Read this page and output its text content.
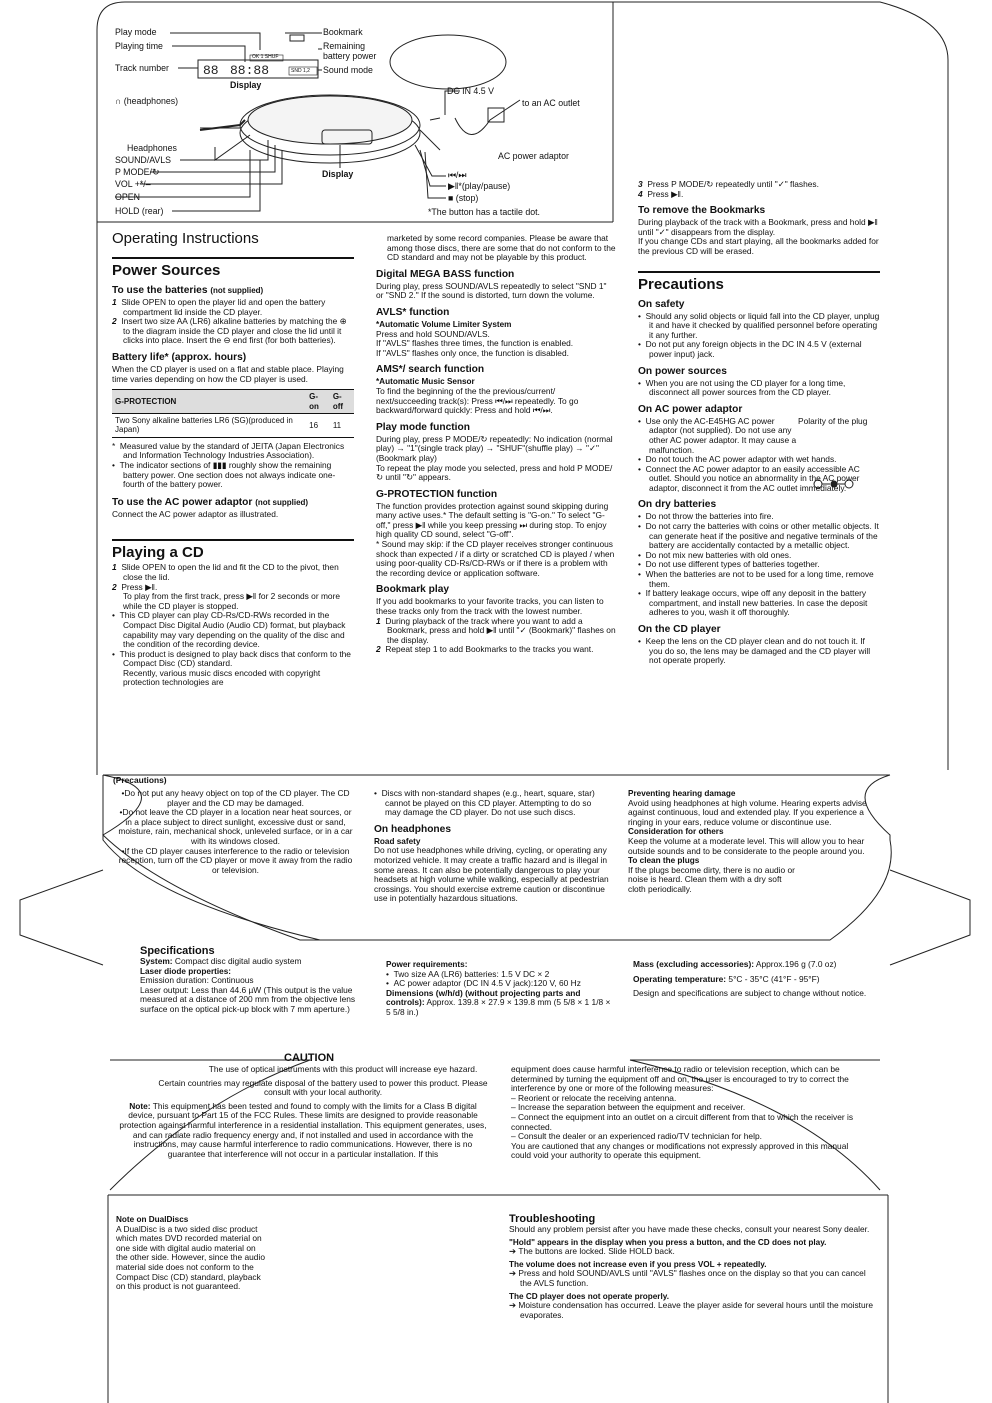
88 88:88
Play mode
Playing time
Track number
Display
OK 1 SHUF
SND 1,2
Bookmark
Remaining
battery power
Sound mode
∩ (headphones)
DC IN 4.5 V
to an AC outlet
AC power adaptor
Headphones
SOUND/AVLS
P MODE/↻
VOL +*/–
OPEN
HOLD (rear)
Display	⏮/⏭
▶‖*(play/pause)
■ (stop)
*The button has a tactile dot.
Operating Instructions
Power Sources
To use the batteries (not supplied)

1 Slide OPEN to open the player lid and open the battery compartment lid inside the CD player.

2 Insert two size AA (LR6) alkaline batteries by matching the ⊕ to the diagram inside the CD player and close the lid until it clicks into place. Insert the ⊖ end first (for both batteries).

Battery life* (approx. hours)

When the CD player is used on a flat and stable place. Playing time varies depending on how the CD player is used.

G-PROTECTION	G-on	G-off
Two Sony alkaline batteries LR6 (SG)(produced in Japan)	16	11

*  Measured value by the standard of JEITA (Japan Electronics and Information Technology Industries Association).

•  The indicator sections of ▮▮▮ roughly show the remaining battery power. One section does not always indicate one-fourth of the battery power.

To use the AC power adaptor (not supplied)

Connect the AC power adaptor as illustrated.

Playing a CD

1 Slide OPEN to open the lid and fit the CD to the pivot, then close the lid.

2 Press ▶‖.
To play from the first track, press ▶‖ for 2 seconds or more while the CD player is stopped.

•  This CD player can play CD-Rs/CD-RWs recorded in the Compact Disc Digital Audio (Audio CD) format, but playback capability may vary depending on the quality of the disc and the condition of the recording device.

•  This product is designed to play back discs that conform to the Compact Disc (CD) standard.
Recently, various music discs encoded with copyright protection technologies are

marketed by some record companies. Please be aware that among those discs, there are some that do not conform to the CD standard and may not be playable by this product.

Digital MEGA BASS function

During play, press SOUND/AVLS repeatedly to select "SND 1" or "SND 2." If the sound is distorted, turn down the volume.

AVLS* function
*Automatic Volume Limiter System

Press and hold SOUND/AVLS.

If "AVLS" flashes three times, the function is enabled.

If "AVLS" flashes only once, the function is disabled.

AMS*/ search function
*Automatic Music Sensor

To find the beginning of the the previous/current/ next/succeeding track(s): Press ⏮/⏭ repeatedly. To go backward/forward quickly: Press and hold ⏮/⏭.

Play mode function

During play, press P MODE/↻ repeatedly: No indication (normal play) → "1"(single track play) → "SHUF"(shuffle play) → "✓"(Bookmark play)

To repeat the play mode you selected, press and hold P MODE/↻ until "↻" appears.

G-PROTECTION function

The function provides protection against sound skipping during many active uses.* The default setting is "G-on." To select "G-off," press ▶‖ while you keep pressing ⏭ during stop. To enjoy high quality CD sound, select "G-off".

* Sound may skip: if the CD player receives stronger continuous shock than expected / if a dirty or scratched CD is played / when using poor-quality CD-Rs/CD-RWs or if there is a problem with the recording device or application software.

Bookmark play

If you add bookmarks to your favorite tracks, you can listen to these tracks only from the track with the lowest number.

1 During playback of the track where you want to add a Bookmark, press and hold ▶‖ until "✓ (Bookmark)" flashes on the display.

2 Repeat step 1 to add Bookmarks to the tracks you want.

3 Press P MODE/↻ repeatedly until "✓" flashes.

4 Press ▶‖.

To remove the Bookmarks

During playback of the track with a Bookmark, press and hold ▶‖ until "✓" disappears from the display.

If you change CDs and start playing, all the bookmarks added for the previous CD will be erased.

Precautions
On safety

•  Should any solid objects or liquid fall into the CD player, unplug it and have it checked by qualified personnel before operating it any further.

•  Do not put any foreign objects in the DC IN 4.5 V (external power input) jack.

On power sources

•  When you are not using the CD player for a long time, disconnect all power sources from the CD player.

On AC power adaptor
Polarity of the plug

•  Use only the AC-E45HG AC power adaptor (not supplied). Do not use any other AC power adaptor. It may cause a malfunction.

•  Do not touch the AC power adaptor with wet hands.

•  Connect the AC power adaptor to an easily accessible AC outlet. Should you notice an abnormality in the AC power adaptor, disconnect it from the AC outlet immediately.

On dry batteries

•  Do not throw the batteries into fire.

•  Do not carry the batteries with coins or other metallic objects. It can generate heat if the positive and negative terminals of the battery are accidentally contacted by a metallic object.

•  Do not mix new batteries with old ones.

•  Do not use different types of batteries together.

•  When the batteries are not to be used for a long time, remove them.

•  If battery leakage occurs, wipe off any deposit in the battery compartment, and install new batteries. In case the deposit adheres to you, wash it off thoroughly.

On the CD player

•  Keep the lens on the CD player clean and do not touch it. If you do so, the lens may be damaged and the CD player will not operate properly.

(Precautions)

•Do not put any heavy object on top of the CD player. The CD player and the CD may be damaged.

•Do not leave the CD player in a location near heat sources, or in a place subject to direct sunlight, excessive dust or sand, moisture, rain, mechanical shock, unleveled surface, or in a car with its windows closed.

•If the CD player causes interference to the radio or television reception, turn off the CD player or move it away from the radio or television.

•  Discs with non-standard shapes (e.g., heart, square, star) cannot be played on this CD player. Attempting to do so may damage the CD player. Do not use such discs.

On headphones
Road safety

Do not use headphones while driving, cycling, or operating any motorized vehicle. It may create a traffic hazard and is illegal in some areas. It can also be potentially dangerous to play your headsets at high volume while walking, especially at pedestrian crossings. You should exercise extreme caution or discontinue use in potentially hazardous situations.

Preventing hearing damage

Avoid using headphones at high volume. Hearing experts advise against continuous, loud and extended play. If you experience a ringing in your ears, reduce volume or discontinue use.

Consideration for others

Keep the volume at a moderate level. This will allow you to hear outside sounds and to be considerate to the people around you.

To clean the plugs

If the plugs become dirty, there is no audio or noise is heard. Clean them with a dry soft cloth periodically.

Specifications

System: Compact disc digital audio system

Laser diode properties:

Emission duration: Continuous

Laser output: Less than 44.6 µW (This output is the value measured at a distance of 200 mm from the objective lens surface on the optical pick-up block with 7 mm aperture.)

Power requirements:

•  Two size AA (LR6) batteries: 1.5 V DC × 2

•  AC power adaptor (DC IN 4.5 V jack):120 V, 60 Hz

Dimensions (w/h/d) (without projecting parts and controls): Approx. 139.8 × 27.9 × 139.8 mm (5 5/8 × 1 1/8 × 5 5/8 in.)

Mass (excluding accessories): Approx.196 g (7.0 oz)

Operating temperature: 5°C - 35°C (41°F - 95°F)

Design and specifications are subject to change without notice.

CAUTION

The use of optical instruments with this product will increase eye hazard.

Certain countries may regulate disposal of the battery used to power this product. Please consult with your local authority.

Note: This equipment has been tested and found to comply with the limits for a Class B digital device, pursuant to Part 15 of the FCC Rules. These limits are designed to provide reasonable protection against harmful interference in a residential installation. This equipment generates, uses, and can radiate radio frequency energy and, if not installed and used in accordance with the instructions, may cause harmful interference to radio communications. However, there is no guarantee that interference will not occur in a particular installation. If this

equipment does cause harmful interference to radio or television reception, which can be determined by turning the equipment off and on, the user is encouraged to try to correct the interference by one or more of the following measures:

– Reorient or relocate the receiving antenna.

– Increase the separation between the equipment and receiver.

– Connect the equipment into an outlet on a circuit different from that to which the receiver is connected.

– Consult the dealer or an experienced radio/TV technician for help.

You are cautioned that any changes or modifications not expressly approved in this manual could void your authority to operate this equipment.

Note on DualDiscs

A DualDisc is a two sided disc product which mates DVD recorded material on one side with digital audio material on the other side. However, since the audio material side does not conform to the Compact Disc (CD) standard, playback on this product is not guaranteed.

Troubleshooting

Should any problem persist after you have made these checks, consult your nearest Sony dealer.

"Hold" appears in the display when you press a button, and the CD does not play.

➔ The buttons are locked. Slide HOLD back.

The volume does not increase even if you press VOL + repeatedly.

➔ Press and hold SOUND/AVLS until "AVLS" flashes once on the display so that you can cancel the AVLS function.

The CD player does not operate properly.

➔ Moisture condensation has occurred. Leave the player aside for several hours until the moisture evaporates.
